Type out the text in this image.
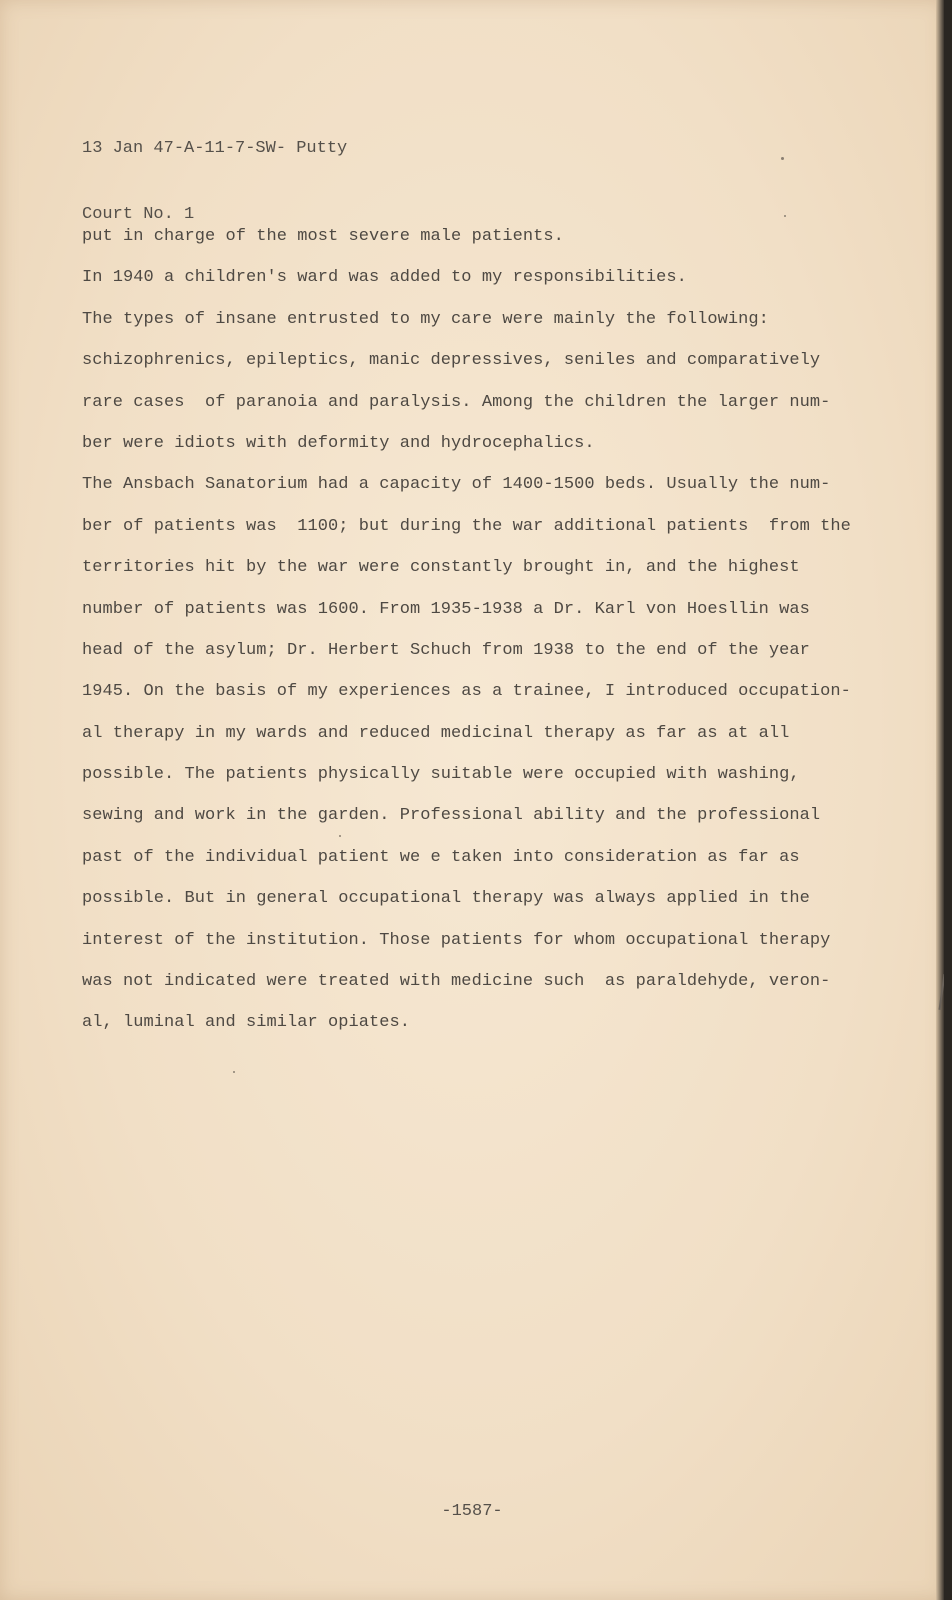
13 Jan 47-A-11-7-SW- Putty

Court No. 1

put in charge of the most severe male patients.
In 1940 a children's ward was added to my responsibilities.
The types of insane entrusted to my care were mainly the following:
schizophrenics, epileptics, manic depressives, seniles and comparatively
rare cases  of paranoia and paralysis. Among the children the larger num-
ber were idiots with deformity and hydrocephalics.
The Ansbach Sanatorium had a capacity of 1400-1500 beds. Usually the num-
ber of patients was  1100; but during the war additional patients  from the
territories hit by the war were constantly brought in, and the highest
number of patients was 1600. From 1935-1938 a Dr. Karl von Hoesllin was
head of the asylum; Dr. Herbert Schuch from 1938 to the end of the year
1945. On the basis of my experiences as a trainee, I introduced occupation-
al therapy in my wards and reduced medicinal therapy as far as at all
possible. The patients physically suitable were occupied with washing,
sewing and work in the garden. Professional ability and the professional
past of the individual patient we e taken into consideration as far as
possible. But in general occupational therapy was always applied in the
interest of the institution. Those patients for whom occupational therapy
was not indicated were treated with medicine such  as paraldehyde, veron-
al, luminal and similar opiates.
-1587-
